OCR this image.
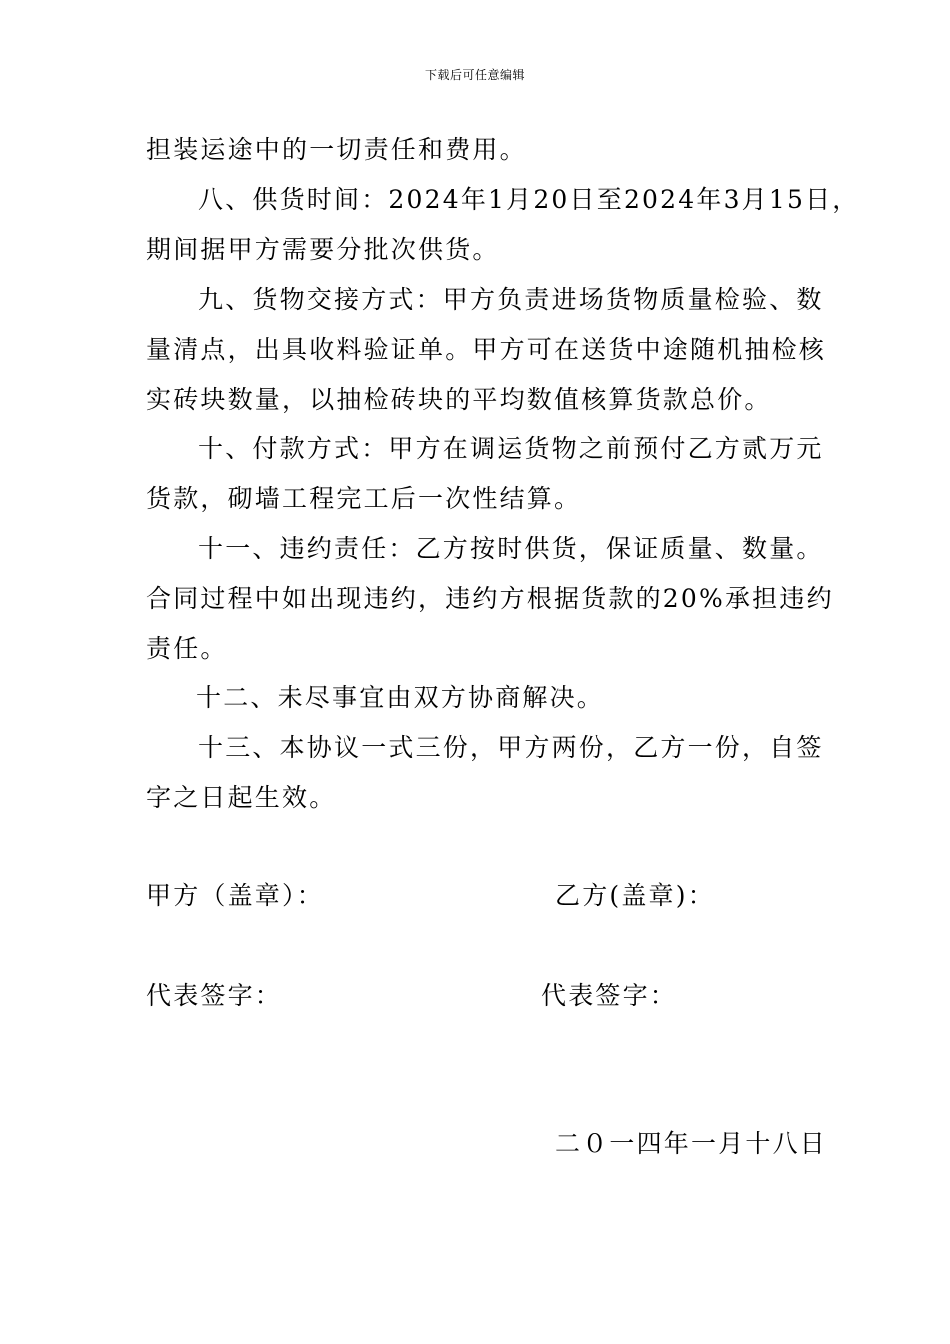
下载后可任意编辑
担装运途中的一切责任和费用。
八、供货时间：2024年1月20日至2024年3月15日，
期间据甲方需要分批次供货。
九、货物交接方式：甲方负责进场货物质量检验、数
量清点，出具收料验证单。甲方可在送货中途随机抽检核
实砖块数量，以抽检砖块的平均数值核算货款总价。
十、付款方式：甲方在调运货物之前预付乙方贰万元
货款，砌墙工程完工后一次性结算。
十一、违约责任：乙方按时供货，保证质量、数量。
合同过程中如出现违约，违约方根据货款的20%承担违约
责任。
十二、未尽事宜由双方协商解决。
十三、本协议一式三份，甲方两份，乙方一份，自签
字之日起生效。
甲方（盖章）：	乙方(盖章)：
代表签字：	代表签字：
二０一四年一月十八日
